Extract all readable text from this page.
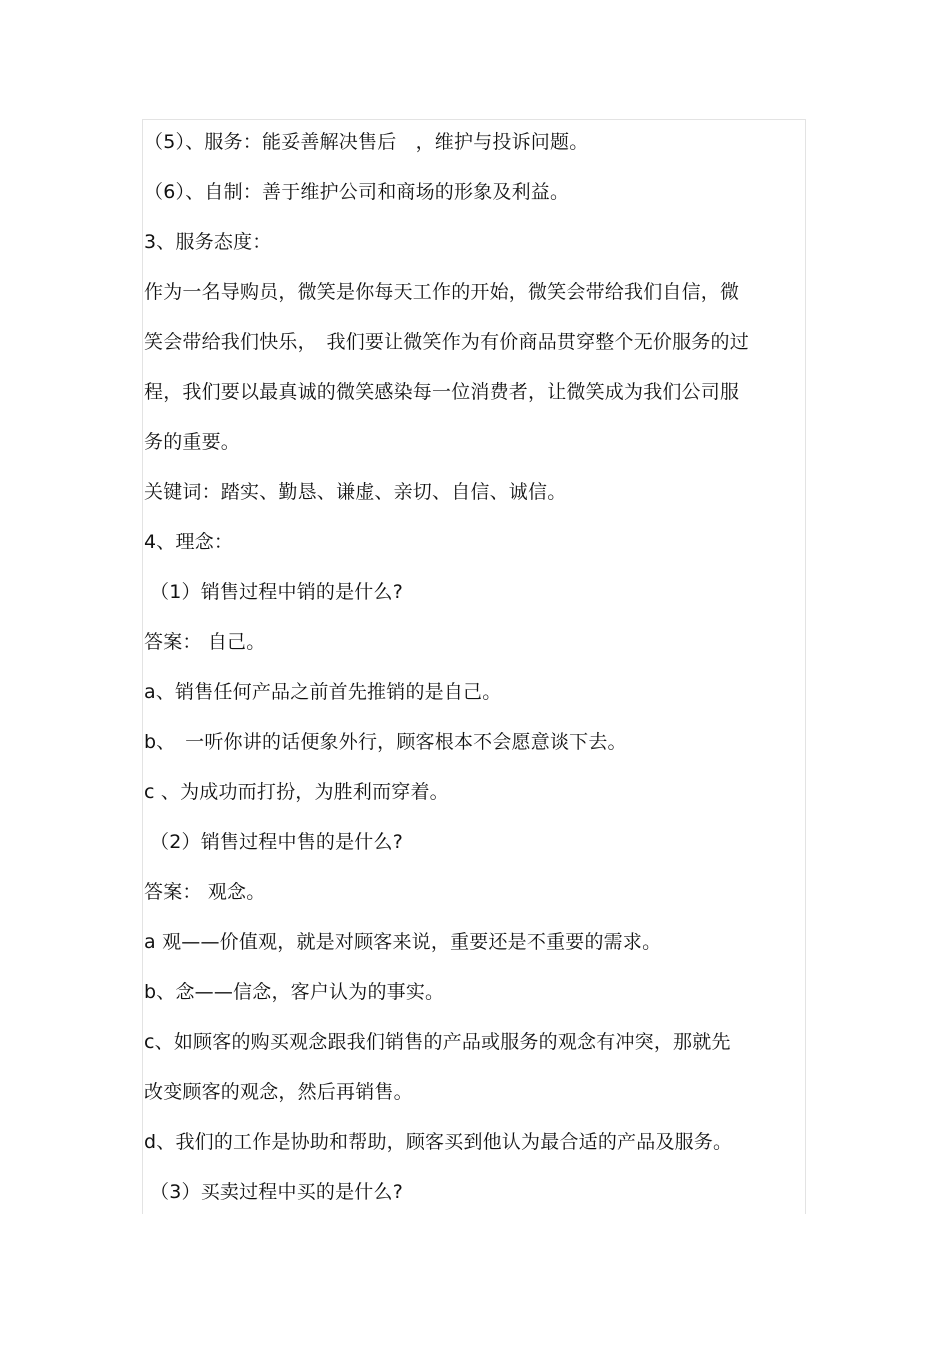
（5）、服务：能妥善解决售后　，维护与投诉问题。
（6）、自制：善于维护公司和商场的形象及利益。
3、服务态度：
作为一名导购员，微笑是你每天工作的开始，微笑会带给我们自信，微
笑会带给我们快乐，　我们要让微笑作为有价商品贯穿整个无价服务的过
程，我们要以最真诚的微笑感染每一位消费者，让微笑成为我们公司服
务的重要。
关键词：踏实、勤恳、谦虚、亲切、自信、诚信。
4、理念：
（1）销售过程中销的是什么?
答案： 自己。
a、销售任何产品之前首先推销的是自己。
b、　一听你讲的话便象外行，顾客根本不会愿意谈下去。
c 、为成功而打扮，为胜利而穿着。
（2）销售过程中售的是什么?
答案： 观念。
a 观——价值观，就是对顾客来说，重要还是不重要的需求。
b、念——信念，客户认为的事实。
c、如顾客的购买观念跟我们销售的产品或服务的观念有冲突，那就先
改变顾客的观念，然后再销售。
d、我们的工作是协助和帮助，顾客买到他认为最合适的产品及服务。
（3）买卖过程中买的是什么?
